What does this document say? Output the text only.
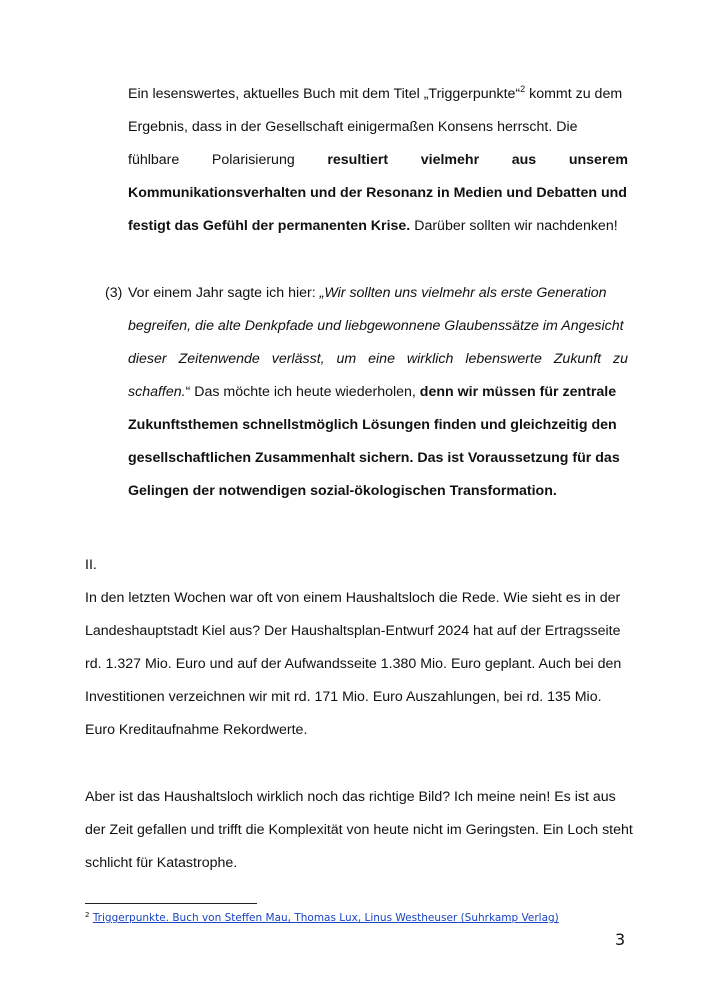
Ein lesenswertes, aktuelles Buch mit dem Titel „Triggerpunkte“$^2$ kommt zu dem
Ergebnis, dass in der Gesellschaft einigermaßen Konsens herrscht. Die
fühlbare Polarisierung resultiert vielmehr aus unserem
Kommunikationsverhalten und der Resonanz in Medien und Debatten und
festigt das Gefühl der permanenten Krise. Darüber sollten wir nachdenken!
(3) Vor einem Jahr sagte ich hier: „Wir sollten uns vielmehr als erste Generation
begreifen, die alte Denkpfade und liebgewonnene Glaubenssätze im Angesicht
dieser Zeitenwende verlässt, um eine wirklich lebenswerte Zukunft zu
schaffen.“ Das möchte ich heute wiederholen, denn wir müssen für zentrale
Zukunftsthemen schnellstmöglich Lösungen finden und gleichzeitig den
gesellschaftlichen Zusammenhalt sichern. Das ist Voraussetzung für das
Gelingen der notwendigen sozial-ökologischen Transformation.
II.
In den letzten Wochen war oft von einem Haushaltsloch die Rede. Wie sieht es in der
Landeshauptstadt Kiel aus? Der Haushaltsplan-Entwurf 2024 hat auf der Ertragsseite
rd. 1.327 Mio. Euro und auf der Aufwandsseite 1.380 Mio. Euro geplant. Auch bei den
Investitionen verzeichnen wir mit rd. 171 Mio. Euro Auszahlungen, bei rd. 135 Mio.
Euro Kreditaufnahme Rekordwerte.
Aber ist das Haushaltsloch wirklich noch das richtige Bild? Ich meine nein! Es ist aus
der Zeit gefallen und trifft die Komplexität von heute nicht im Geringsten. Ein Loch steht
schlicht für Katastrophe.
$^2$ Triggerpunkte. Buch von Steffen Mau, Thomas Lux, Linus Westheuser (Suhrkamp Verlag)
3
